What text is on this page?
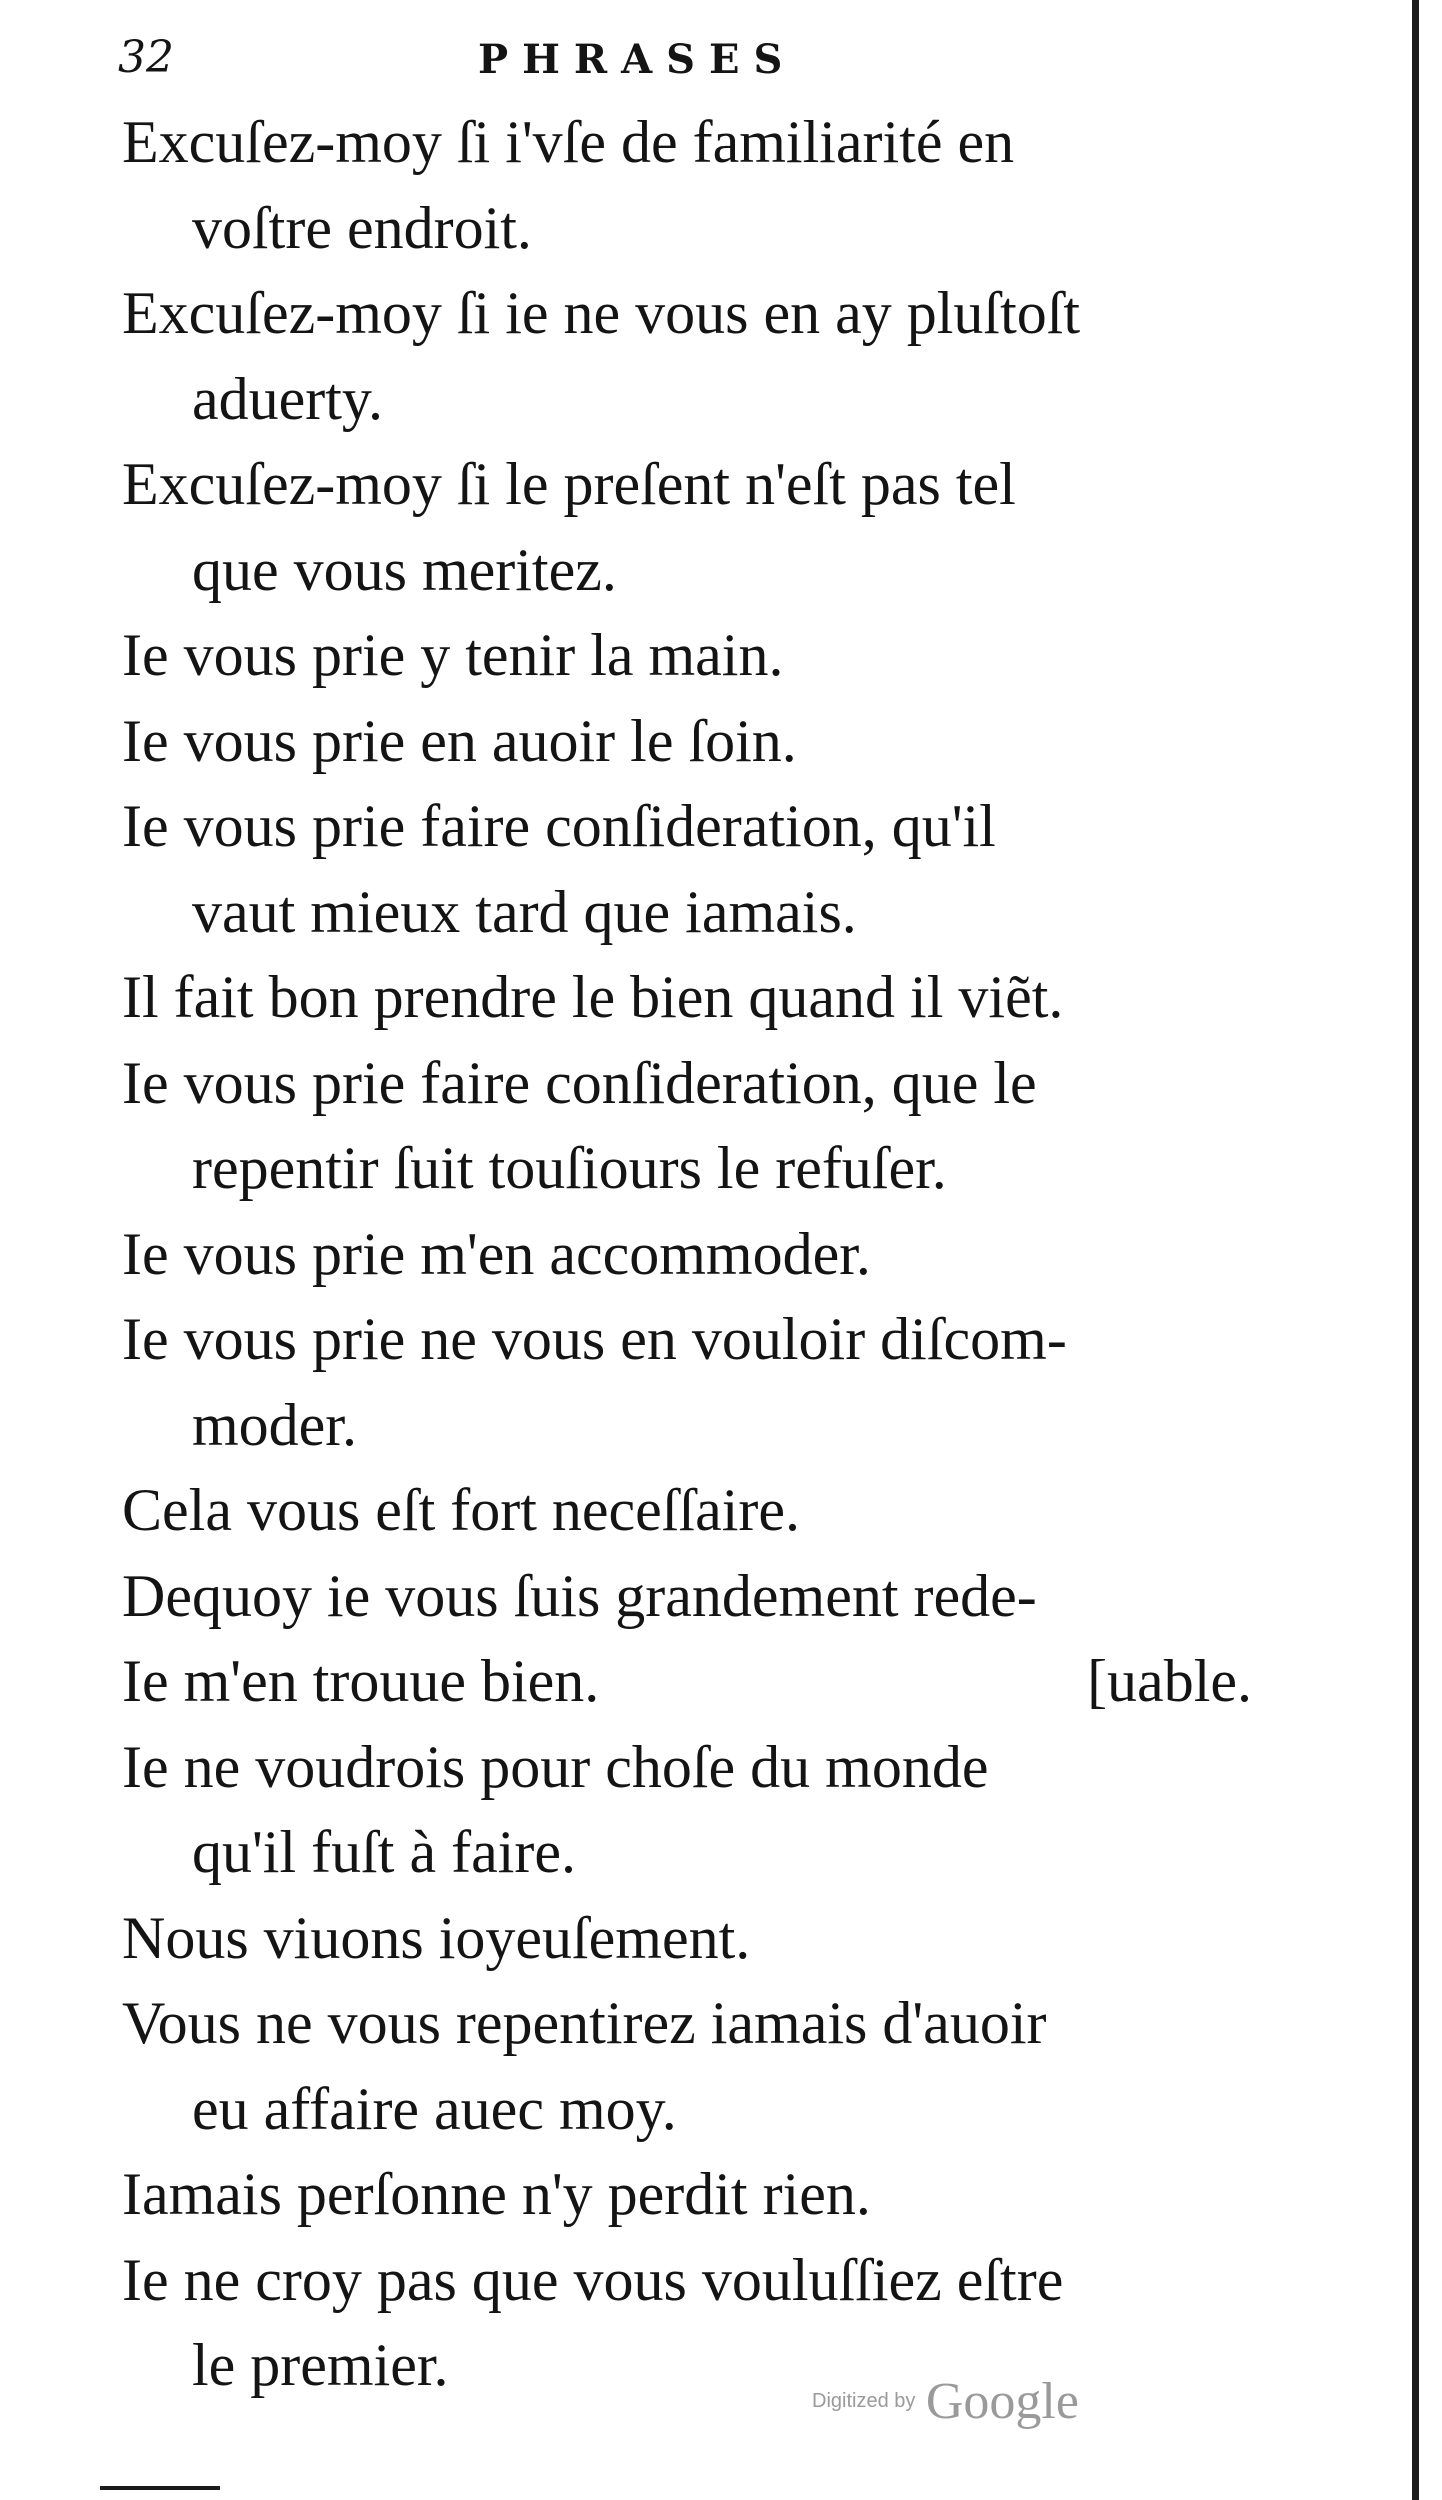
32	PHRASES
Excuſez-moy ſi i'vſe de familiarité en
voſtre endroit.
Excuſez-moy ſi ie ne vous en ay pluſtoſt
aduerty.
Excuſez-moy ſi le preſent n'eſt pas tel
que vous meritez.
Ie vous prie y tenir la main.
Ie vous prie en auoir le ſoin.
Ie vous prie faire conſideration, qu'il
vaut mieux tard que iamais.
Il fait bon prendre le bien quand il viẽt.
Ie vous prie faire conſideration, que le
repentir ſuit touſiours le refuſer.
Ie vous prie m'en accommoder.
Ie vous prie ne vous en vouloir diſcom-
moder.
Cela vous eſt fort neceſſaire.
Dequoy ie vous ſuis grandement rede-
Ie m'en trouue bien.	[uable.
Ie ne voudrois pour choſe du monde
qu'il fuſt à faire.
Nous viuons ioyeuſement.
Vous ne vous repentirez iamais d'auoir
eu affaire auec moy.
Iamais perſonne n'y perdit rien.
Ie ne croy pas que vous vouluſſiez eſtre
le premier.
Digitized by Google
